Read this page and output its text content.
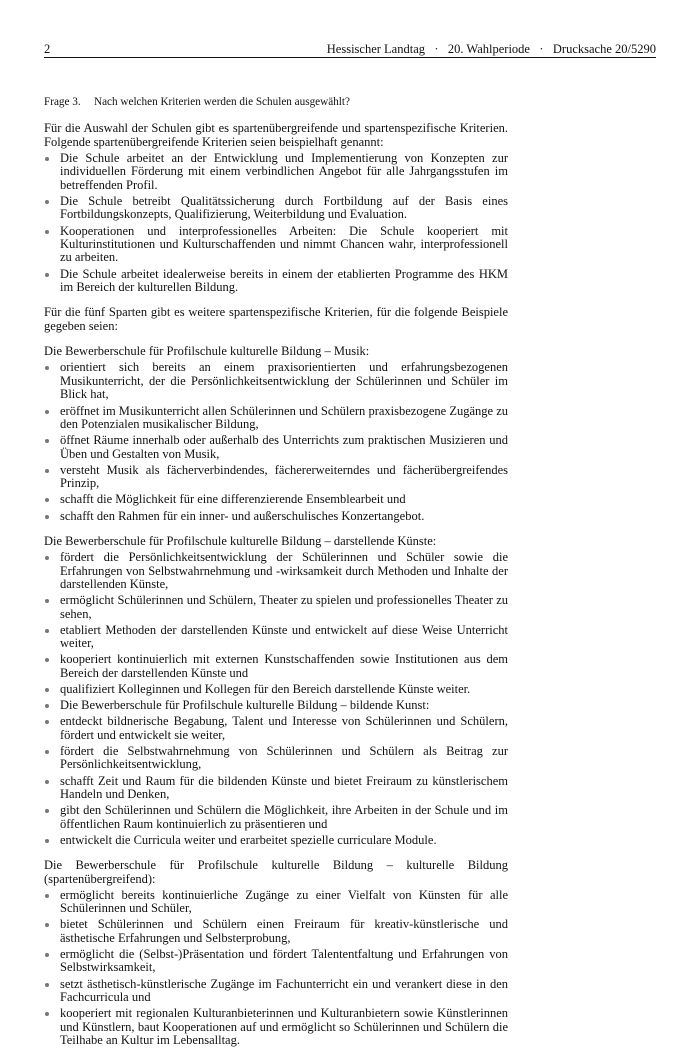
2	Hessischer Landtag   ·   20. Wahlperiode   ·   Drucksache 20/5290
Frage 3. Nach welchen Kriterien werden die Schulen ausgewählt?

Für die Auswahl der Schulen gibt es spartenübergreifende und spartenspezifische Kriterien. Folgende spartenübergreifende Kriterien seien beispielhaft genannt:

Die Schule arbeitet an der Entwicklung und Implementierung von Konzepten zur individuellen Förderung mit einem verbindlichen Angebot für alle Jahrgangsstufen im betreffenden Profil.
Die Schule betreibt Qualitätssicherung durch Fortbildung auf der Basis eines Fortbildungskonzepts, Qualifizierung, Weiterbildung und Evaluation.
Kooperationen und interprofessionelles Arbeiten: Die Schule kooperiert mit Kulturinstitutionen und Kulturschaffenden und nimmt Chancen wahr, interprofessionell zu arbeiten.
Die Schule arbeitet idealerweise bereits in einem der etablierten Programme des HKM im Bereich der kulturellen Bildung.

Für die fünf Sparten gibt es weitere spartenspezifische Kriterien, für die folgende Beispiele gegeben seien:

Die Bewerberschule für Profilschule kulturelle Bildung – Musik:

orientiert sich bereits an einem praxisorientierten und erfahrungsbezogenen Musikunterricht, der die Persönlichkeitsentwicklung der Schülerinnen und Schüler im Blick hat,
eröffnet im Musikunterricht allen Schülerinnen und Schülern praxisbezogene Zugänge zu den Potenzialen musikalischer Bildung,
öffnet Räume innerhalb oder außerhalb des Unterrichts zum praktischen Musizieren und Üben und Gestalten von Musik,
versteht Musik als fächerverbindendes, fächererweiterndes und fächerübergreifendes Prinzip,
schafft die Möglichkeit für eine differenzierende Ensemblearbeit und
schafft den Rahmen für ein inner- und außerschulisches Konzertangebot.

Die Bewerberschule für Profilschule kulturelle Bildung – darstellende Künste:

fördert die Persönlichkeitsentwicklung der Schülerinnen und Schüler sowie die Erfahrungen von Selbstwahrnehmung und -wirksamkeit durch Methoden und Inhalte der darstellenden Künste,
ermöglicht Schülerinnen und Schülern, Theater zu spielen und professionelles Theater zu sehen,
etabliert Methoden der darstellenden Künste und entwickelt auf diese Weise Unterricht weiter,
kooperiert kontinuierlich mit externen Kunstschaffenden sowie Institutionen aus dem Bereich der darstellenden Künste und
qualifiziert Kolleginnen und Kollegen für den Bereich darstellende Künste weiter.
Die Bewerberschule für Profilschule kulturelle Bildung – bildende Kunst:
entdeckt bildnerische Begabung, Talent und Interesse von Schülerinnen und Schülern, fördert und entwickelt sie weiter,
fördert die Selbstwahrnehmung von Schülerinnen und Schülern als Beitrag zur Persönlichkeitsentwicklung,
schafft Zeit und Raum für die bildenden Künste und bietet Freiraum zu künstlerischem Handeln und Denken,
gibt den Schülerinnen und Schülern die Möglichkeit, ihre Arbeiten in der Schule und im öffentlichen Raum kontinuierlich zu präsentieren und
entwickelt die Curricula weiter und erarbeitet spezielle curriculare Module.

Die Bewerberschule für Profilschule kulturelle Bildung – kulturelle Bildung (spartenübergreifend):

ermöglicht bereits kontinuierliche Zugänge zu einer Vielfalt von Künsten für alle Schülerinnen und Schüler,
bietet Schülerinnen und Schülern einen Freiraum für kreativ-künstlerische und ästhetische Erfahrungen und Selbsterprobung,
ermöglicht die (Selbst-)Präsentation und fördert Talententfaltung und Erfahrungen von Selbstwirksamkeit,
setzt ästhetisch-künstlerische Zugänge im Fachunterricht ein und verankert diese in den Fachcurricula und
kooperiert mit regionalen Kulturanbieterinnen und Kulturanbietern sowie Künstlerinnen und Künstlern, baut Kooperationen auf und ermöglicht so Schülerinnen und Schülern die Teilhabe an Kultur im Lebensalltag.
